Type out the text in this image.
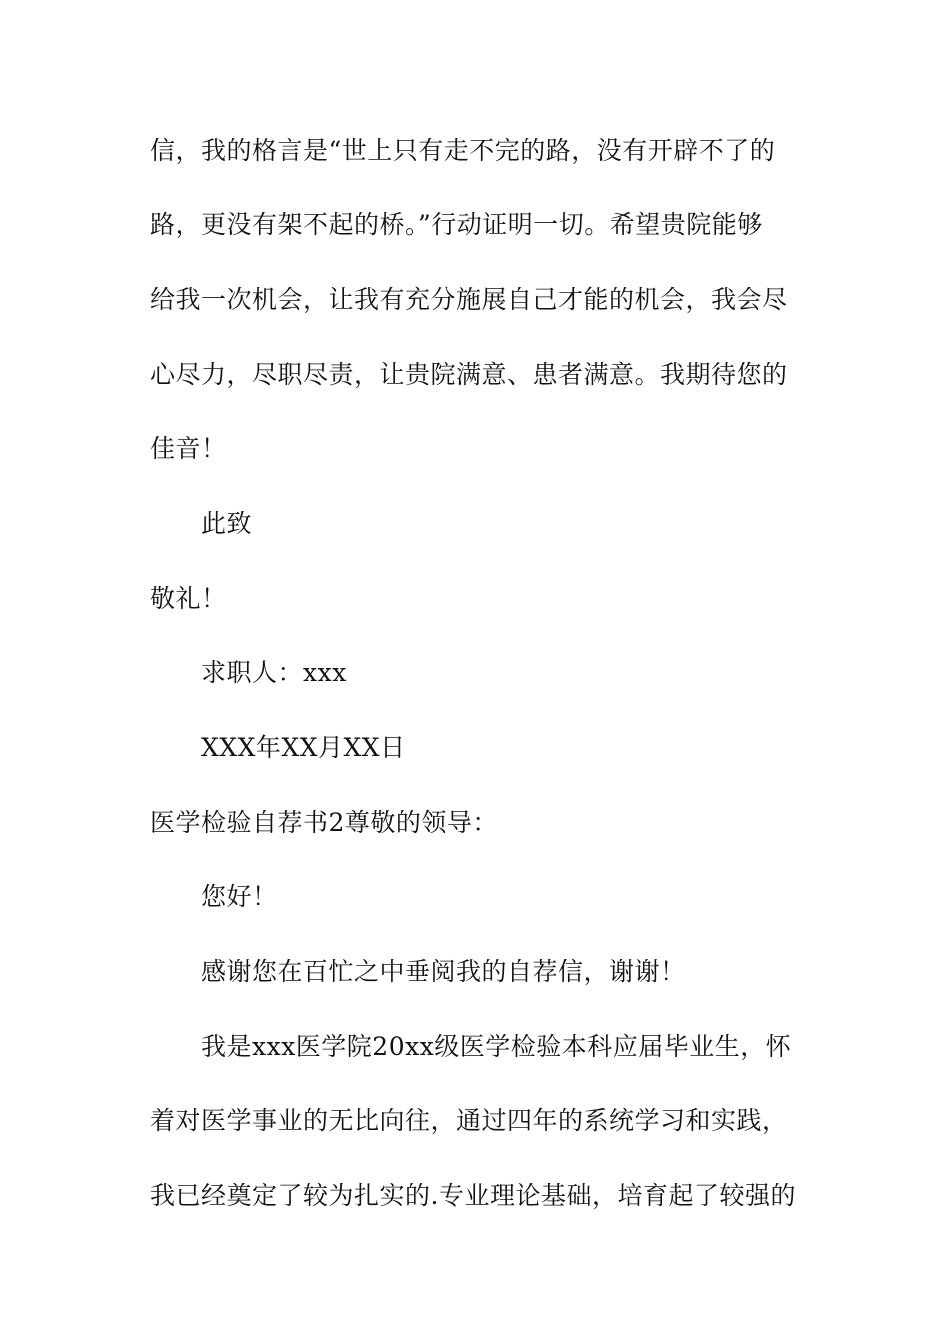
信，我的格言是“世上只有走不完的路，没有开辟不了的
路，更没有架不起的桥。”行动证明一切。希望贵院能够
给我一次机会，让我有充分施展自己才能的机会，我会尽
心尽力，尽职尽责，让贵院满意、患者满意。我期待您的
佳音！
此致
敬礼！
求职人：xxx
XXX年XX月XX日
医学检验自荐书2尊敬的领导：
您好！
感谢您在百忙之中垂阅我的自荐信，谢谢！
我是xxx医学院20xx级医学检验本科应届毕业生，怀
着对医学事业的无比向往，通过四年的系统学习和实践，
我已经奠定了较为扎实的.专业理论基础，培育起了较强的
